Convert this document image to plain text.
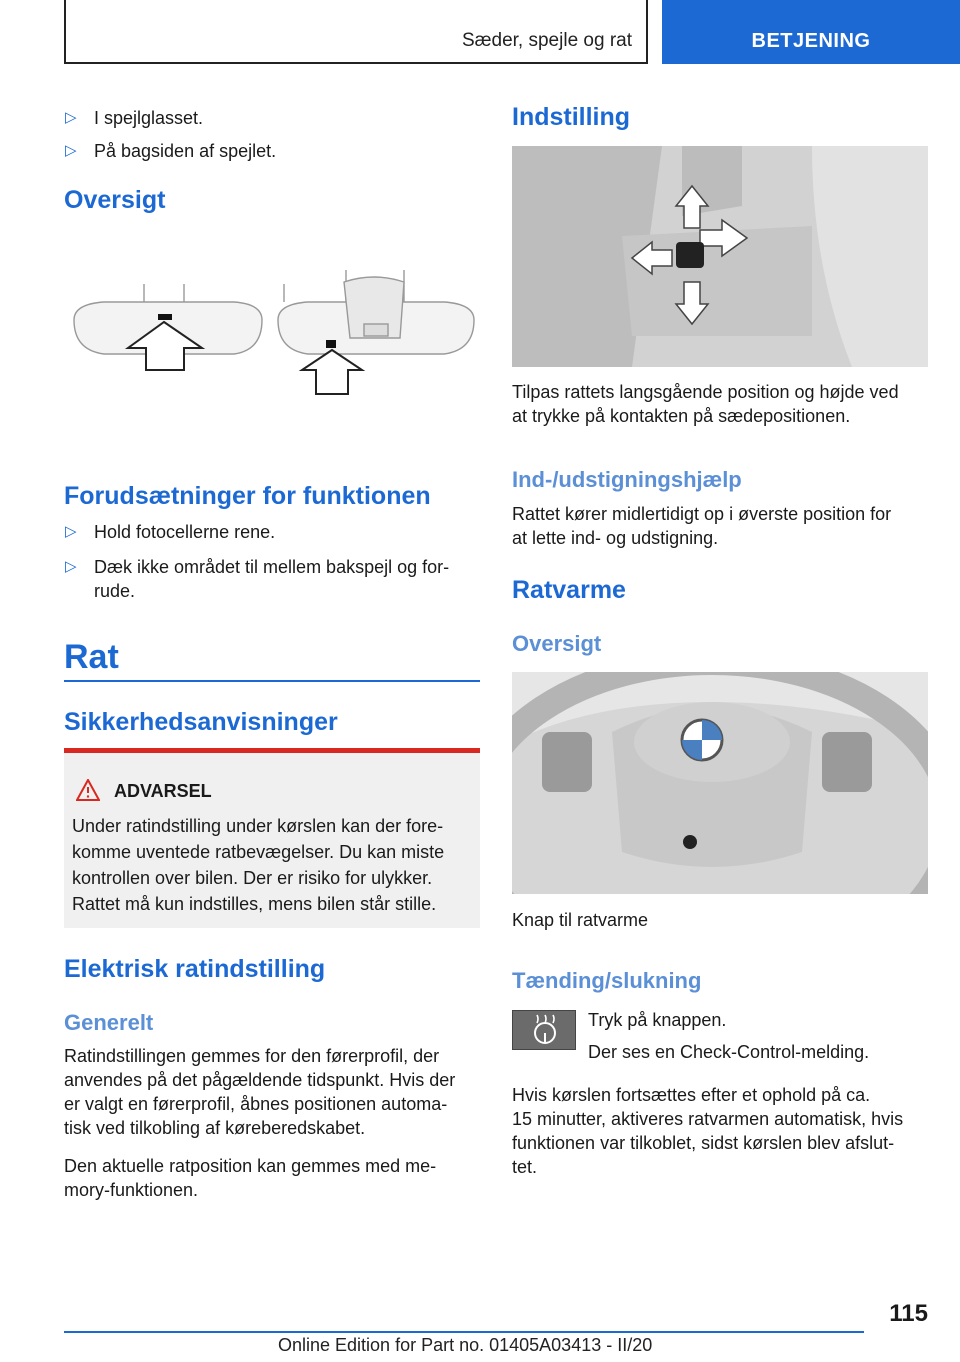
Sæder, spejle og rat	BETJENING
▷ I spejlglasset.
▷ På bagsiden af spejlet.
Oversigt
Forudsætninger for funktionen
▷ Hold fotocellerne rene.
▷ Dæk ikke området til mellem bakspejl og for-
rude.
Rat
Sikkerhedsanvisninger
ADVARSEL
Under ratindstilling under kørslen kan der fore-
komme uventede ratbevægelser. Du kan miste
kontrollen over bilen. Der er risiko for ulykker.
Rattet må kun indstilles, mens bilen står stille.
Elektrisk ratindstilling
Generelt
Ratindstillingen gemmes for den førerprofil, der
anvendes på det pågældende tidspunkt. Hvis der
er valgt en førerprofil, åbnes positionen automa-
tisk ved tilkobling af køreberedskabet.
Den aktuelle ratposition kan gemmes med me-
mory-funktionen.
Indstilling
Tilpas rattets langsgående position og højde ved
at trykke på kontakten på sædepositionen.
Ind-/udstigningshjælp
Rattet kører midlertidigt op i øverste position for
at lette ind- og udstigning.
Ratvarme
Oversigt
Knap til ratvarme
Tænding/slukning
Tryk på knappen.
Der ses en Check-Control-melding.
Hvis kørslen fortsættes efter et ophold på ca.
15 minutter, aktiveres ratvarmen automatisk, hvis
funktionen var tilkoblet, sidst kørslen blev afslut-
tet.
115
Online Edition for Part no. 01405A03413 - II/20
